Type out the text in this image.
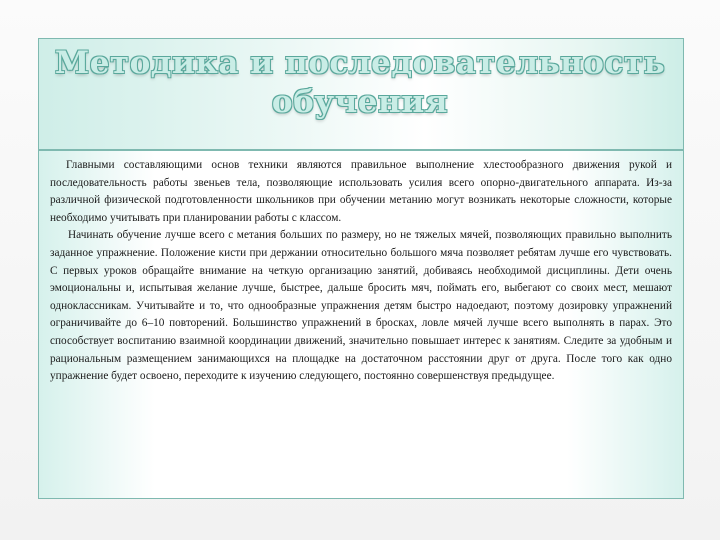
Методика и последовательность
обучения

Главными составляющими основ техники являются правильное выполнение хлестообразного движения рукой и последовательность работы звеньев тела, позволяющие использовать усилия всего опорно-двигательного аппарата. Из-за различной физической подготовленности школьников при обучении метанию могут возникать некоторые сложности, которые необходимо учитывать при планировании работы с классом.

Начинать обучение лучше всего с метания больших по размеру, но не тяжелых мячей, позволяющих правильно выполнить заданное упражнение. Положение кисти при держании относительно большого мяча позволяет ребятам лучше его чувствовать. С первых уроков обращайте внимание на четкую организацию занятий, добиваясь необходимой дисциплины. Дети очень эмоциональны и, испытывая желание лучше, быстрее, дальше бросить мяч, поймать его, выбегают со своих мест, мешают одноклассникам. Учитывайте и то, что однообразные упражнения детям быстро надоедают, поэтому дозировку упражнений ограничивайте до 6–10 повторений. Большинство упражнений в бросках, ловле мячей лучше всего выполнять в парах. Это способствует воспитанию взаимной координации движений, значительно повышает интерес к занятиям. Следите за удобным и рациональным размещением занимающихся на площадке на достаточном расстоянии друг от друга. После того как одно упражнение будет освоено, переходите к изучению следующего, постоянно совершенствуя предыдущее.
